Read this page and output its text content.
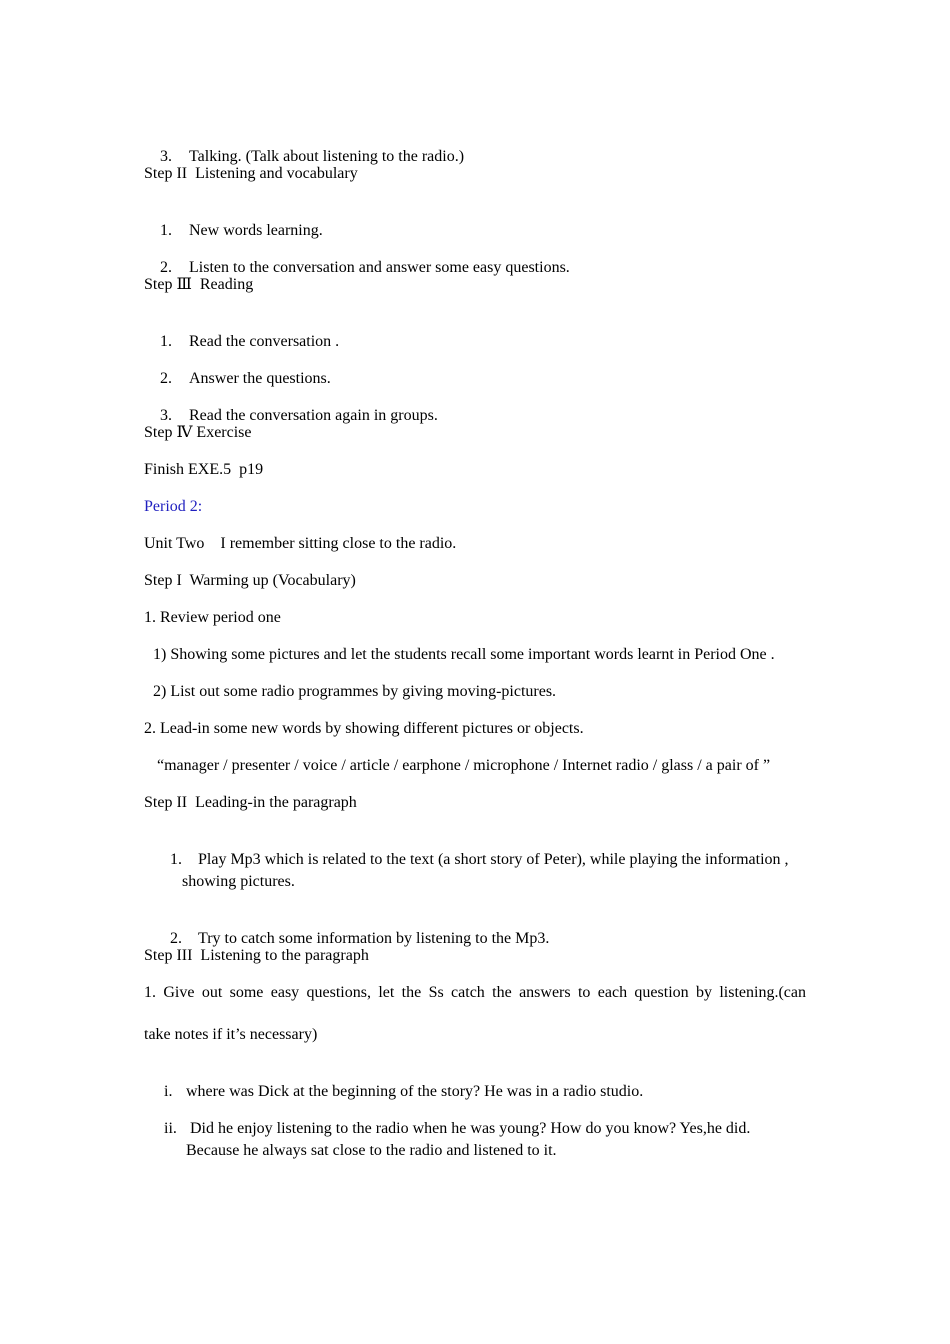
3. Talking. (Talk about listening to the radio.)

Step II  Listening and vocabulary

1. New words learning.

2. Listen to the conversation and answer some easy questions.

Step Ⅲ  Reading

1. Read the conversation .

2. Answer the questions.

3. Read the conversation again in groups.

Step Ⅳ Exercise
Finish EXE.5  p19
Period 2:
Unit Two    I remember sitting close to the radio.
Step I  Warming up (Vocabulary)
1. Review period one
1) Showing some pictures and let the students recall some important words learnt in Period One .
2) List out some radio programmes by giving moving-pictures.
2. Lead-in some new words by showing different pictures or objects.
“manager / presenter / voice / article / earphone / microphone / Internet radio / glass / a pair of ”
Step II  Leading-in the paragraph

1. Play Mp3 which is related to the text (a short story of Peter), while playing the information ,

showing pictures.

2. Try to catch some information by listening to the Mp3.

Step III  Listening to the paragraph
1. Give out some easy questions, let the Ss catch the answers to each question by listening.(can
take notes if it’s necessary)

i. where was Dick at the beginning of the story? He was in a radio studio.

ii. Did he enjoy listening to the radio when he was young? How do you know? Yes,he did.

Because he always sat close to the radio and listened to it.
